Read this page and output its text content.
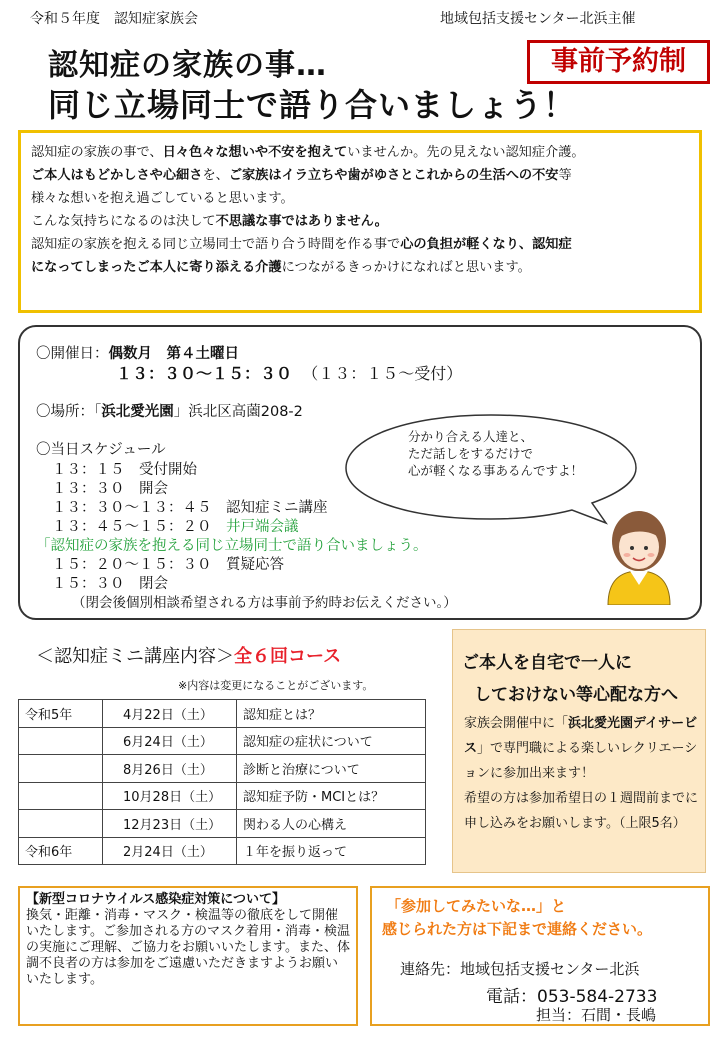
令和５年度　認知症家族会	地域包括支援センター北浜主催
認知症の家族の事…
同じ立場同士で語り合いましょう！
事前予約制
認知症の家族の事で、日々色々な想いや不安を抱えていませんか。先の見えない認知症介護。
ご本人はもどかしさや心細さを、ご家族はイラ立ちや歯がゆさとこれからの生活への不安等
様々な想いを抱え過ごしていると思います。
こんな気持ちになるのは決して不思議な事ではありません。
認知症の家族を抱える同じ立場同士で語り合う時間を作る事で心の負担が軽くなり、認知症
になってしまったご本人に寄り添える介護につながるきっかけになればと思います。
〇開催日：偶数月　第４土曜日
１３：３０～１５：３０ （１３：１５～受付）
〇場所：「浜北愛光園」浜北区高薗208-2
〇当日スケジュール
１３：１５　受付開始
１３：３０　開会
１３：３０～１３：４５　認知症ミニ講座
１３：４５～１５：２０　井戸端会議
「認知症の家族を抱える同じ立場同士で語り合いましょう。
１５：２０～１５：３０　質疑応答
１５：３０　閉会
（閉会後個別相談希望される方は事前予約時お伝えください。）
分かり合える人達と、
ただ話しをするだけで
心が軽くなる事あるんですよ！
＜認知症ミニ講座内容＞全６回コース
※内容は変更になることがございます。
令和5年	4月22日（土）	認知症とは？
	6月24日（土）	認知症の症状について
	8月26日（土）	診断と治療について
	10月28日（土）	認知症予防・MCIとは？
	12月23日（土）	関わる人の心構え
令和6年	2月24日（土）	１年を振り返って
ご本人を自宅で一人に
しておけない等心配な方へ
家族会開催中に「浜北愛光園デイサービス」で専門職による楽しいレクリエーションに参加出来ます！
希望の方は参加希望日の１週間前までに申し込みをお願いします。（上限5名）
【新型コロナウイルス感染症対策について】
換気・距離・消毒・マスク・検温等の徹底をして開催いたします。ご参加される方のマスク着用・消毒・検温の実施にご理解、ご協力をお願いいたします。また、体調不良者の方は参加をご遠慮いただきますようお願いいたします。
「参加してみたいな…」と
感じられた方は下記まで連絡ください。
連絡先：地域包括支援センター北浜
電話：053-584-2733
担当：石間・長嶋
